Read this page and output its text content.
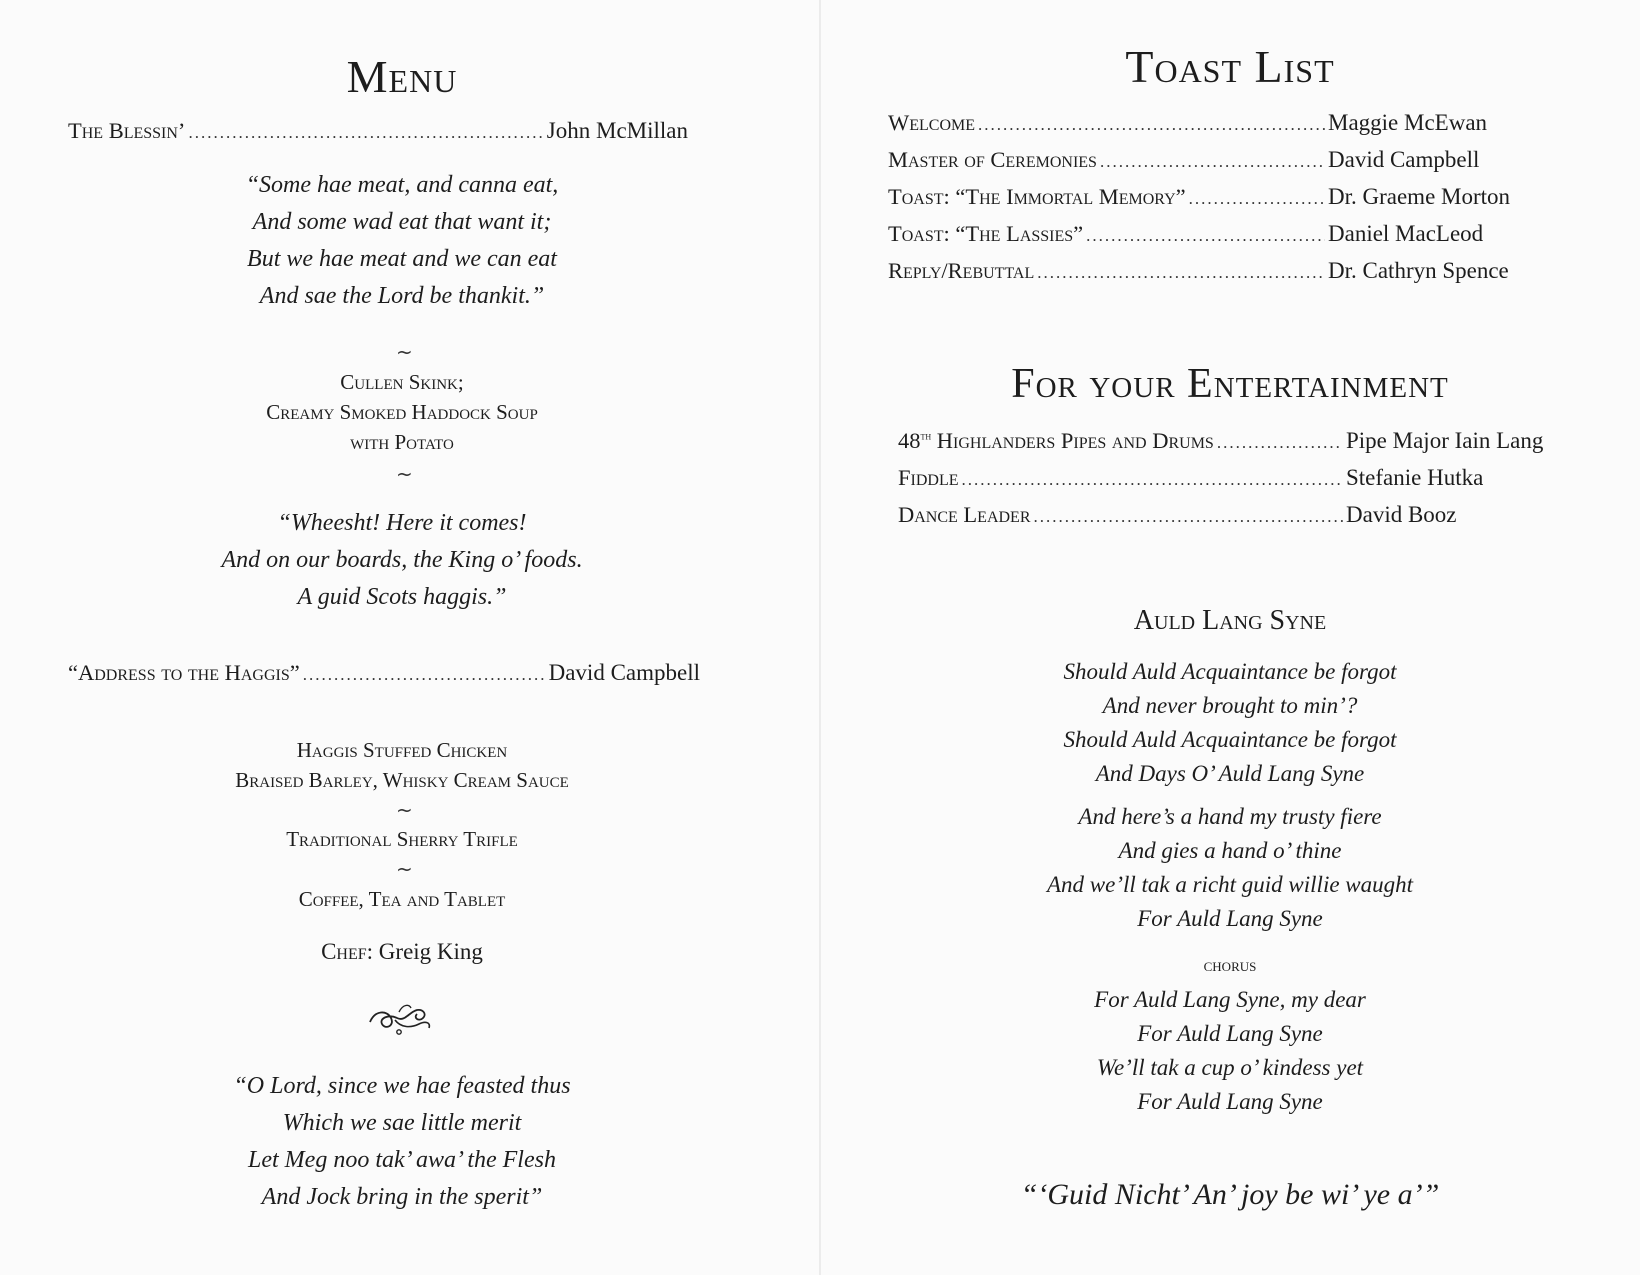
Menu
The Blessin’ .....	John McMillan
“Some hae meat, and canna eat,
And some wad eat that want it;
But we hae meat and we can eat
And sae the Lord be thankit.”
~
Cullen Skink;
Creamy Smoked Haddock Soup
with Potato
~
“Wheesht! Here it comes!
And on our boards, the King o’ foods.
A guid Scots haggis.”
“Address to the Haggis” .....	David Campbell
Haggis Stuffed Chicken
Braised Barley, Whisky Cream Sauce
~
Traditional Sherry Trifle
~
Coffee, Tea and Tablet
Chef: Greig King
“O Lord, since we hae feasted thus
Which we sae little merit
Let Meg noo tak’ awa’ the Flesh
And Jock bring in the sperit”
Toast List
Welcome .....	Maggie McEwan
Master of Ceremonies .....	David Campbell
Toast: “The Immortal Memory” .....	Dr. Graeme Morton
Toast: “The Lassies” .....	Daniel MacLeod
Reply/Rebuttal .....	Dr. Cathryn Spence
For your Entertainment
48th Highlanders Pipes and Drums .....	Pipe Major Iain Lang
Fiddle .....	Stefanie Hutka
Dance Leader .....	David Booz
Auld Lang Syne
Should Auld Acquaintance be forgot
And never brought to min’?
Should Auld Acquaintance be forgot
And Days O’ Auld Lang Syne
And here’s a hand my trusty fiere
And gies a hand o’ thine
And we’ll tak a richt guid willie waught
For Auld Lang Syne
chorus
For Auld Lang Syne, my dear
For Auld Lang Syne
We’ll tak a cup o’ kindess yet
For Auld Lang Syne
“‘Guid Nicht’ An’ joy be wi’ ye a’”
